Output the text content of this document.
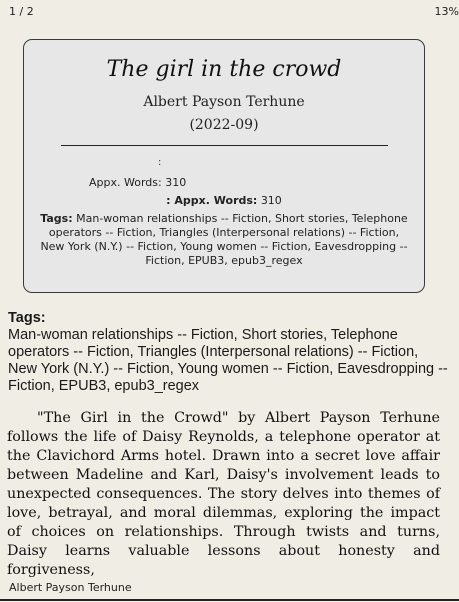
1 / 2	13%
The girl in the crowd
Albert Payson Terhune
(2022-09)
:
Appx. Words: 310
: Appx. Words: 310
Tags: Man-woman relationships -- Fiction, Short stories, Telephone operators -- Fiction, Triangles (Interpersonal relations) -- Fiction, New York (N.Y.) -- Fiction, Young women -- Fiction, Eavesdropping -- Fiction, EPUB3, epub3_regex
Tags:
Man-woman relationships -- Fiction, Short stories, Telephone operators -- Fiction, Triangles (Interpersonal relations) -- Fiction, New York (N.Y.) -- Fiction, Young women -- Fiction, Eavesdropping -- Fiction, EPUB3, epub3_regex
"The Girl in the Crowd" by Albert Payson Terhune follows the life of Daisy Reynolds, a telephone operator at the Clavichord Arms hotel. Drawn into a secret love affair between Madeline and Karl, Daisy's involvement leads to unexpected consequences. The story delves into themes of love, betrayal, and moral dilemmas, exploring the impact of choices on relationships. Through twists and turns, Daisy learns valuable lessons about honesty and forgiveness,
Albert Payson Terhune
